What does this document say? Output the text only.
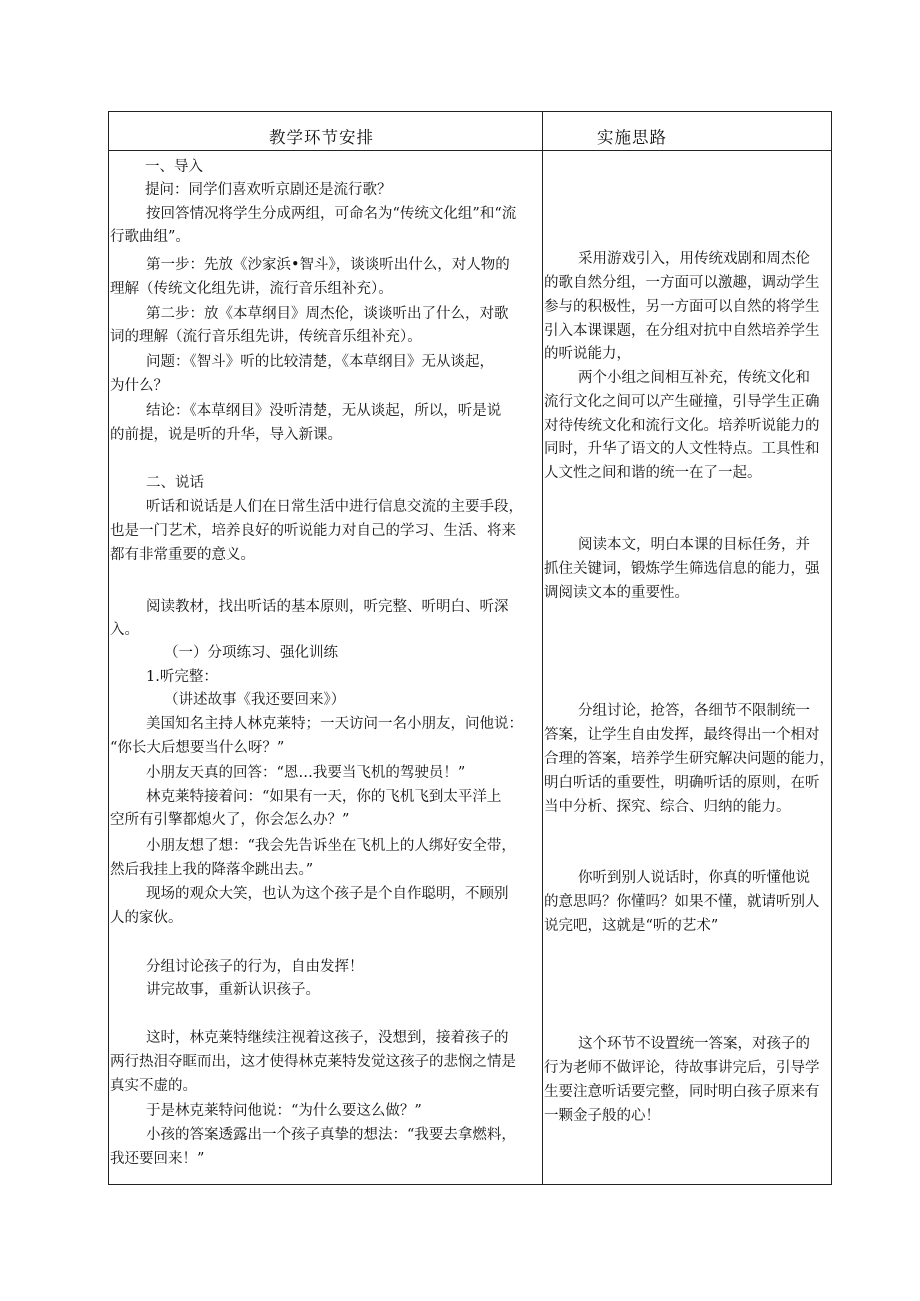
教学环节安排	实施思路
一、导入
提问：同学们喜欢听京剧还是流行歌？
按回答情况将学生分成两组，可命名为“传统文化组”和“流
行歌曲组”。
第一步：先放《沙家浜•智斗》，谈谈听出什么，对人物的
理解（传统文化组先讲，流行音乐组补充）。
第二步：放《本草纲目》周杰伦，谈谈听出了什么，对歌
词的理解（流行音乐组先讲，传统音乐组补充）。
问题：《智斗》听的比较清楚，《本草纲目》无从谈起，
为什么？
结论：《本草纲目》没听清楚，无从谈起，所以，听是说
的前提，说是听的升华，导入新课。
二、说话
听话和说话是人们在日常生活中进行信息交流的主要手段，
也是一门艺术，培养良好的听说能力对自己的学习、生活、将来
都有非常重要的意义。
阅读教材，找出听话的基本原则，听完整、听明白、听深
入。
（一）分项练习、强化训练
1.听完整：
（讲述故事《我还要回来》）
美国知名主持人林克莱特；一天访问一名小朋友，问他说：
“你长大后想要当什么呀？”
小朋友天真的回答：“恩…我要当飞机的驾驶员！”
林克莱特接着问：“如果有一天，你的飞机飞到太平洋上
空所有引擎都熄火了，你会怎么办？”
小朋友想了想：“我会先告诉坐在飞机上的人绑好安全带，
然后我挂上我的降落伞跳出去。”
现场的观众大笑，也认为这个孩子是个自作聪明，不顾别
人的家伙。
分组讨论孩子的行为，自由发挥！
讲完故事，重新认识孩子。
这时，林克莱特继续注视着这孩子，没想到，接着孩子的
两行热泪夺眶而出，这才使得林克莱特发觉这孩子的悲悯之情是
真实不虚的。
于是林克莱特问他说：“为什么要这么做？”
小孩的答案透露出一个孩子真挚的想法：“我要去拿燃料，
我还要回来！”
采用游戏引入，用传统戏剧和周杰伦
的歌自然分组，一方面可以激趣，调动学生
参与的积极性，另一方面可以自然的将学生
引入本课课题，在分组对抗中自然培养学生
的听说能力，
两个小组之间相互补充，传统文化和
流行文化之间可以产生碰撞，引导学生正确
对待传统文化和流行文化。培养听说能力的
同时，升华了语文的人文性特点。工具性和
人文性之间和谐的统一在了一起。
阅读本文，明白本课的目标任务，并
抓住关键词，锻炼学生筛选信息的能力，强
调阅读文本的重要性。
分组讨论，抢答，各细节不限制统一
答案，让学生自由发挥，最终得出一个相对
合理的答案，培养学生研究解决问题的能力，
明白听话的重要性，明确听话的原则，在听
当中分析、探究、综合、归纳的能力。
你听到别人说话时，你真的听懂他说
的意思吗？你懂吗？如果不懂，就请听别人
说完吧，这就是“听的艺术”
这个环节不设置统一答案，对孩子的
行为老师不做评论，待故事讲完后，引导学
生要注意听话要完整，同时明白孩子原来有
一颗金子般的心！
